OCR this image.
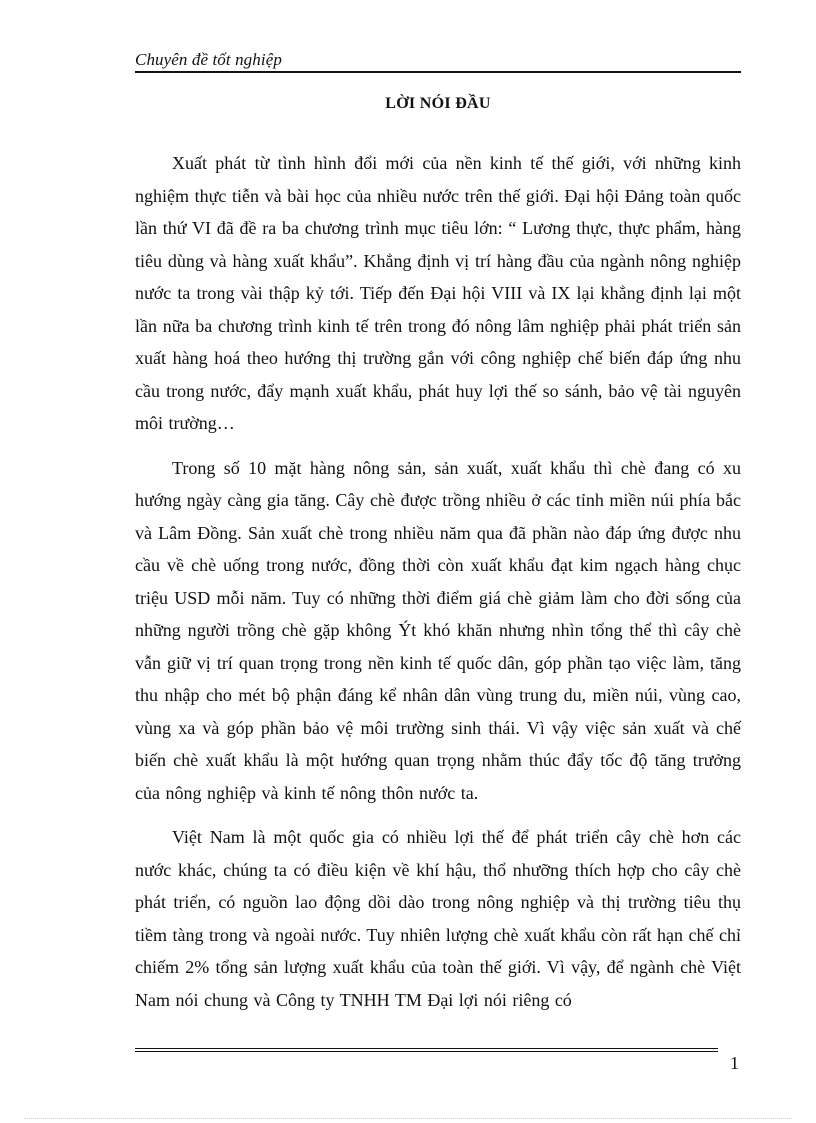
Chuyên đề tốt nghiệp
LỜI NÓI ĐẦU

Xuất phát từ tình hình đổi mới của nền kinh tế thế giới, với những kinh nghiệm thực tiễn và bài học của nhiều nước trên thế giới. Đại hội Đảng toàn quốc lần thứ VI đã đề ra ba chương trình mục tiêu lớn: “ Lương thực, thực phẩm, hàng tiêu dùng và hàng xuất khẩu”. Khẳng định vị trí hàng đầu của ngành nông nghiệp nước ta trong vài thập kỷ tới. Tiếp đến Đại hội VIII và IX lại khẳng định lại một lần nữa ba chương trình kinh tế trên trong đó nông lâm nghiệp phải phát triển sản xuất hàng hoá theo hướng thị trường gắn với công nghiệp chế biến đáp ứng nhu cầu trong nước, đẩy mạnh xuất khẩu, phát huy lợi thế so sánh, bảo vệ tài nguyên môi trường…

Trong số 10 mặt hàng nông sản, sản xuất, xuất khẩu thì chè đang có xu hướng ngày càng gia tăng. Cây chè được trồng nhiều ở các tỉnh miền núi phía bắc và Lâm Đồng. Sản xuất chè trong nhiều năm qua đã phần nào đáp ứng được nhu cầu về chè uống trong nước, đồng thời còn xuất khẩu đạt kim ngạch hàng chục triệu USD mỗi năm. Tuy có những thời điểm giá chè giảm làm cho đời sống của những người trồng chè gặp không Ýt khó khăn nhưng nhìn tổng thể thì cây chè vẫn giữ vị trí quan trọng trong nền kinh tế quốc dân, góp phần tạo việc làm, tăng thu nhập cho mét bộ phận đáng kể nhân dân vùng trung du, miền núi, vùng cao, vùng xa và góp phần bảo vệ môi trường sinh thái. Vì vậy việc sản xuất và chế biến chè xuất khẩu là một hướng quan trọng nhằm thúc đẩy tốc độ tăng trưởng của nông nghiệp và kinh tế nông thôn nước ta.

Việt Nam là một quốc gia có nhiều lợi thế để phát triển cây chè hơn các nước khác, chúng ta có điều kiện về khí hậu, thổ nhưỡng thích hợp cho cây chè phát triển, có nguồn lao động dồi dào trong nông nghiệp và thị trường tiêu thụ tiềm tàng trong và ngoài nước. Tuy nhiên lượng chè xuất khẩu còn rất hạn chế chỉ chiếm 2% tổng sản lượng xuất khẩu của toàn thế giới. Vì vậy, để ngành chè Việt Nam nói chung và Công ty TNHH TM Đại lợi nói riêng có

1
